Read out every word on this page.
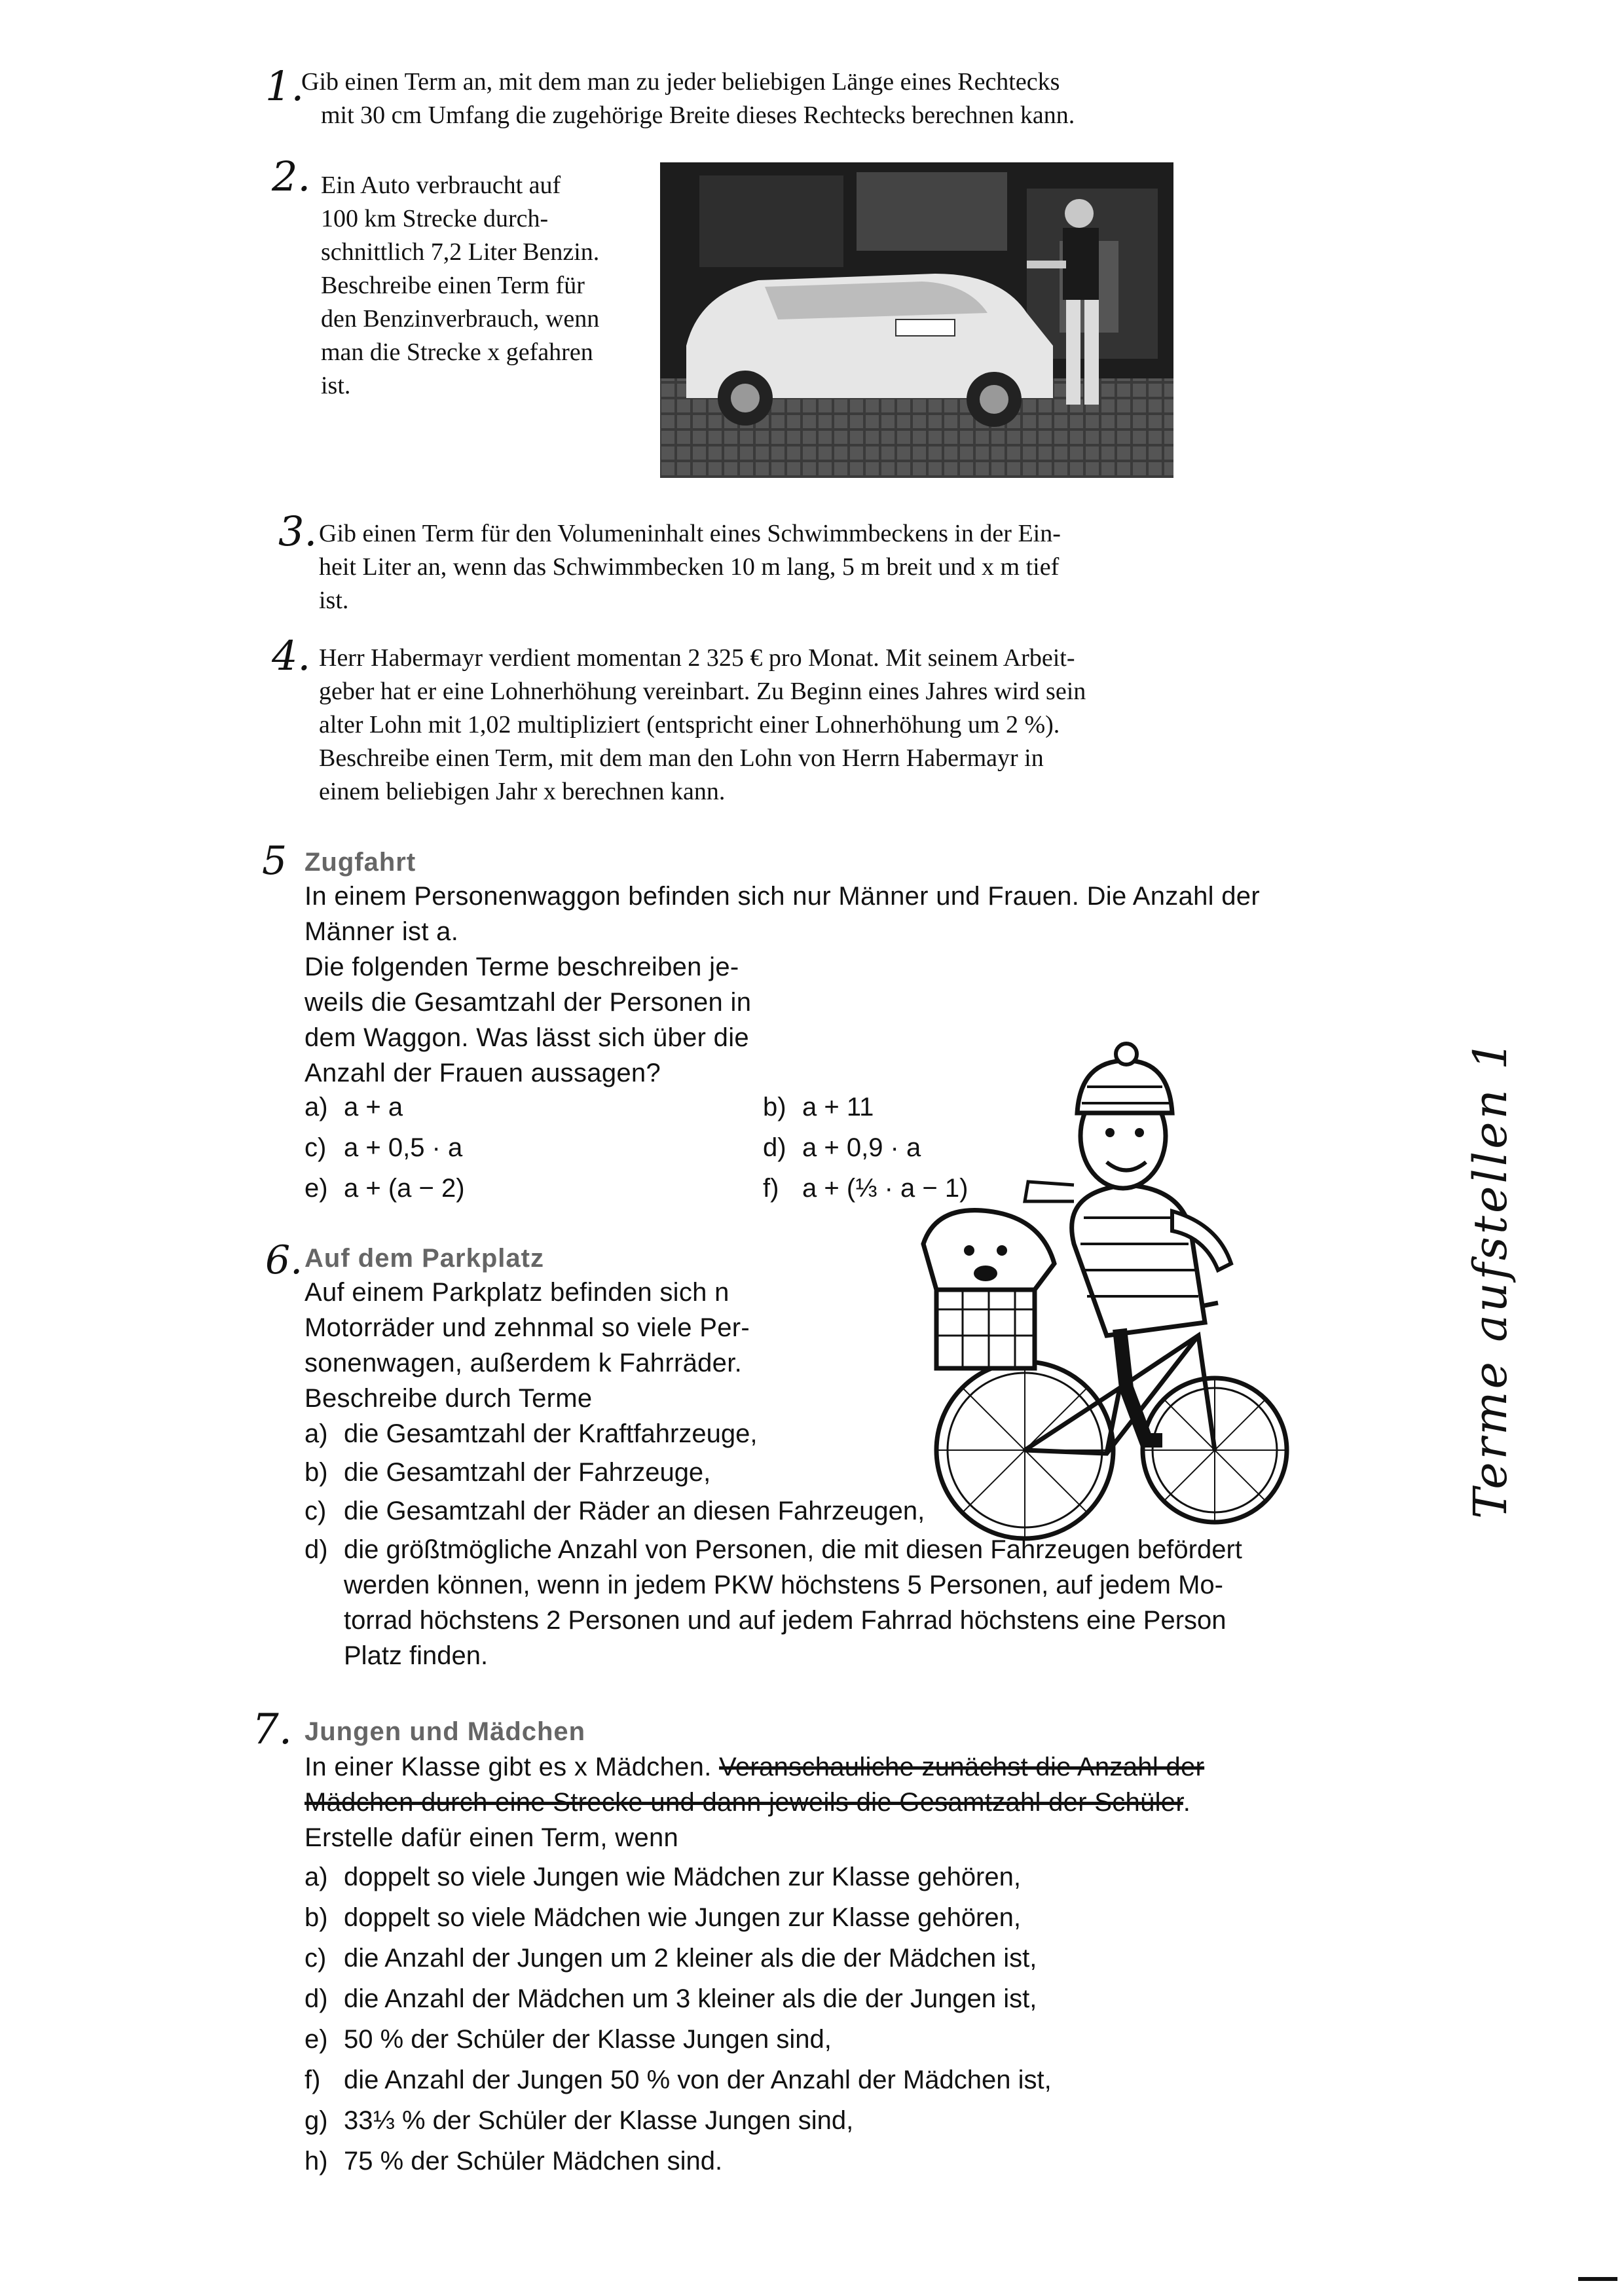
1.
Gib einen Term an, mit dem man zu jeder beliebigen Länge eines Rechtecks
mit 30 cm Umfang die zugehörige Breite dieses Rechtecks berechnen kann.
2. Ein Auto verbraucht auf
100 km Strecke durch-
schnittlich 7,2 Liter Benzin.
Beschreibe einen Term für
den Benzinverbrauch, wenn
man die Strecke x gefahren
ist.
3. Gib einen Term für den Volumeninhalt eines Schwimmbeckens in der Ein-
heit Liter an, wenn das Schwimmbecken 10 m lang, 5 m breit und x m tief
ist.
4. Herr Habermayr verdient momentan 2 325 € pro Monat. Mit seinem Arbeit-
geber hat er eine Lohnerhöhung vereinbart. Zu Beginn eines Jahres wird sein
alter Lohn mit 1,02 multipliziert (entspricht einer Lohnerhöhung um 2 %).
Beschreibe einen Term, mit dem man den Lohn von Herrn Habermayr in
einem beliebigen Jahr x berechnen kann.
5 Zugfahrt
In einem Personenwaggon befinden sich nur Männer und Frauen. Die Anzahl der
Männer ist a.
Die folgenden Terme beschreiben je-
weils die Gesamtzahl der Personen in
dem Waggon. Was lässt sich über die
Anzahl der Frauen aussagen?
a) a + a	b) a + 11
c) a + 0,5 · a	d) a + 0,9 · a
e) a + (a − 2)	f) a + (⅓ · a − 1)
6. Auf dem Parkplatz
Auf einem Parkplatz befinden sich n
Motorräder und zehnmal so viele Per-
sonenwagen, außerdem k Fahrräder.
Beschreibe durch Terme
a) die Gesamtzahl der Kraftfahrzeuge,
b) die Gesamtzahl der Fahrzeuge,
c) die Gesamtzahl der Räder an diesen Fahrzeugen,
d) die größtmögliche Anzahl von Personen, die mit diesen Fahrzeugen befördert
werden können, wenn in jedem PKW höchstens 5 Personen, auf jedem Mo-
torrad höchstens 2 Personen und auf jedem Fahrrad höchstens eine Person
Platz finden.
7. Jungen und Mädchen
In einer Klasse gibt es x Mädchen. Veranschauliche zunächst die Anzahl der
Mädchen durch eine Strecke und dann jeweils die Gesamtzahl der Schüler.
Erstelle dafür einen Term, wenn
a) doppelt so viele Jungen wie Mädchen zur Klasse gehören,
b) doppelt so viele Mädchen wie Jungen zur Klasse gehören,
c) die Anzahl der Jungen um 2 kleiner als die der Mädchen ist,
d) die Anzahl der Mädchen um 3 kleiner als die der Jungen ist,
e) 50 % der Schüler der Klasse Jungen sind,
f) die Anzahl der Jungen 50 % von der Anzahl der Mädchen ist,
g) 33⅓ % der Schüler der Klasse Jungen sind,
h) 75 % der Schüler Mädchen sind.
Terme aufstellen 1
